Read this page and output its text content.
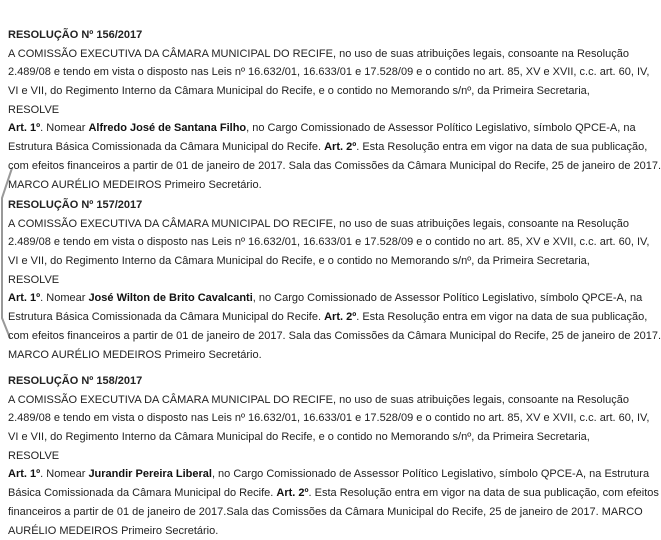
RESOLUÇÃO Nº 156/2017
A COMISSÃO EXECUTIVA DA CÂMARA MUNICIPAL DO RECIFE, no uso de suas atribuições legais, consoante na Resolução
2.489/08 e tendo em vista o disposto nas Leis nº 16.632/01, 16.633/01 e 17.528/09 e o contido no art. 85, XV e XVII, c.c. art. 60, IV,
VI e VII, do Regimento Interno da Câmara Municipal do Recife, e o contido no Memorando s/nº, da Primeira Secretaria,
RESOLVE
Art. 1º. Nomear Alfredo José de Santana Filho, no Cargo Comissionado de Assessor Político Legislativo, símbolo QPCE-A, na
Estrutura Básica Comissionada da Câmara Municipal do Recife. Art. 2º. Esta Resolução entra em vigor na data de sua publicação,
com efeitos financeiros a partir de 01 de janeiro de 2017. Sala das Comissões da Câmara Municipal do Recife, 25 de janeiro de 2017.
MARCO AURÉLIO MEDEIROS Primeiro Secretário.
RESOLUÇÃO Nº 157/2017
A COMISSÃO EXECUTIVA DA CÂMARA MUNICIPAL DO RECIFE, no uso de suas atribuições legais, consoante na Resolução
2.489/08 e tendo em vista o disposto nas Leis nº 16.632/01, 16.633/01 e 17.528/09 e o contido no art. 85, XV e XVII, c.c. art. 60, IV,
VI e VII, do Regimento Interno da Câmara Municipal do Recife, e o contido no Memorando s/nº, da Primeira Secretaria,
RESOLVE
Art. 1º. Nomear José Wilton de Brito Cavalcanti, no Cargo Comissionado de Assessor Político Legislativo, símbolo QPCE-A, na
Estrutura Básica Comissionada da Câmara Municipal do Recife. Art. 2º. Esta Resolução entra em vigor na data de sua publicação,
com efeitos financeiros a partir de 01 de janeiro de 2017. Sala das Comissões da Câmara Municipal do Recife, 25 de janeiro de 2017.
MARCO AURÉLIO MEDEIROS Primeiro Secretário.
RESOLUÇÃO Nº 158/2017
A COMISSÃO EXECUTIVA DA CÂMARA MUNICIPAL DO RECIFE, no uso de suas atribuições legais, consoante na Resolução
2.489/08 e tendo em vista o disposto nas Leis nº 16.632/01, 16.633/01 e 17.528/09 e o contido no art. 85, XV e XVII, c.c. art. 60, IV,
VI e VII, do Regimento Interno da Câmara Municipal do Recife, e o contido no Memorando s/nº, da Primeira Secretaria,
RESOLVE
Art. 1º. Nomear Jurandir Pereira Liberal, no Cargo Comissionado de Assessor Político Legislativo, símbolo QPCE-A, na Estrutura
Básica Comissionada da Câmara Municipal do Recife. Art. 2º. Esta Resolução entra em vigor na data de sua publicação, com efeitos
financeiros a partir de 01 de janeiro de 2017.Sala das Comissões da Câmara Municipal do Recife, 25 de janeiro de 2017. MARCO
AURÉLIO MEDEIROS Primeiro Secretário.
